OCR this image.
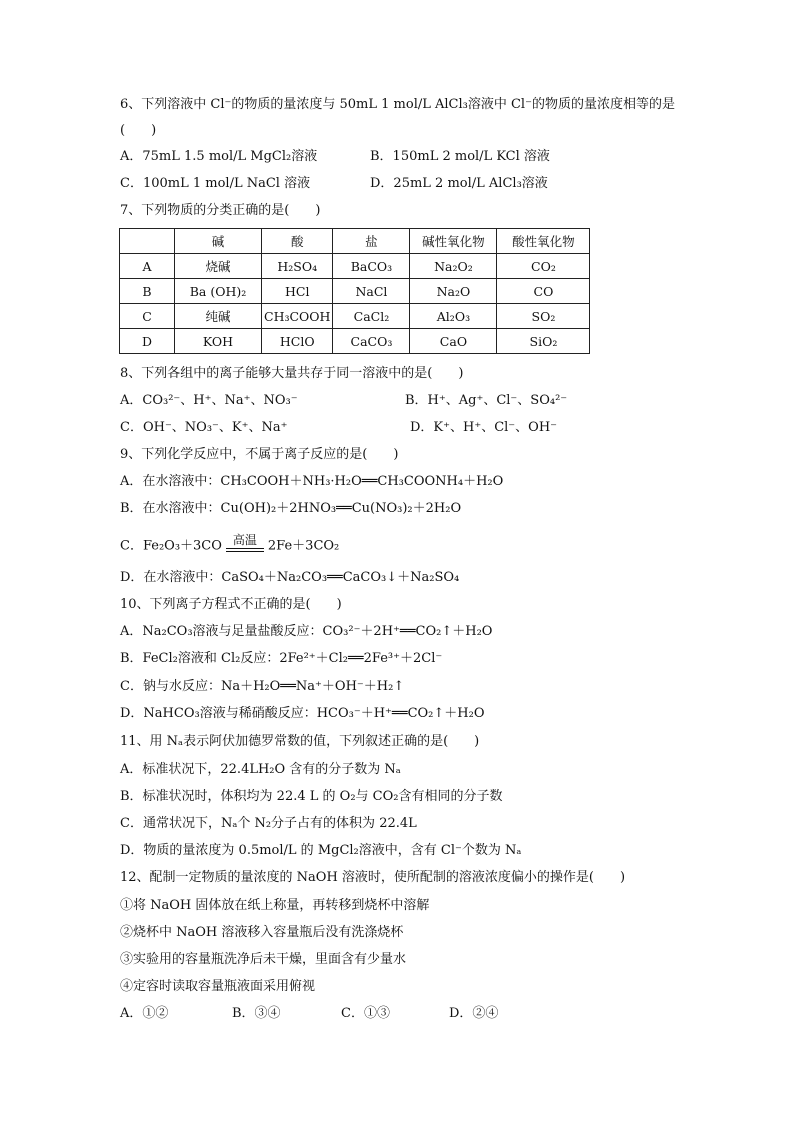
6、下列溶液中 Cl⁻的物质的量浓度与 50mL 1 mol/L AlCl₃溶液中 Cl⁻的物质的量浓度相等的是
(　　)
A．75mL 1.5 mol/L MgCl₂溶液	B．150mL 2 mol/L KCl 溶液
C．100mL 1 mol/L NaCl 溶液	D．25mL 2 mol/L AlCl₃溶液
7、下列物质的分类正确的是(　　)
	碱	酸	盐	碱性氧化物	酸性氧化物
A	烧碱	H₂SO₄	BaCO₃	Na₂O₂	CO₂
B	Ba (OH)₂	HCl	NaCl	Na₂O	CO
C	纯碱	CH₃COOH	CaCl₂	Al₂O₃	SO₂
D	KOH	HClO	CaCO₃	CaO	SiO₂
8、下列各组中的离子能够大量共存于同一溶液中的是(　　)
A．CO₃²⁻、H⁺、Na⁺、NO₃⁻	B．H⁺、Ag⁺、Cl⁻、SO₄²⁻
C．OH⁻、NO₃⁻、K⁺、Na⁺	D．K⁺、H⁺、Cl⁻、OH⁻
9、下列化学反应中，不属于离子反应的是(　　)
A．在水溶液中：CH₃COOH＋NH₃·H₂O══CH₃COONH₄＋H₂O
B．在水溶液中：Cu(OH)₂＋2HNO₃══Cu(NO₃)₂＋2H₂O
C．Fe₂O₃＋3CO 高温 2Fe＋3CO₂
D．在水溶液中：CaSO₄＋Na₂CO₃══CaCO₃↓＋Na₂SO₄
10、下列离子方程式不正确的是(　　)
A．Na₂CO₃溶液与足量盐酸反应：CO₃²⁻＋2H⁺══CO₂↑＋H₂O
B．FeCl₂溶液和 Cl₂反应：2Fe²⁺＋Cl₂══2Fe³⁺＋2Cl⁻
C．钠与水反应：Na＋H₂O══Na⁺＋OH⁻＋H₂↑
D．NaHCO₃溶液与稀硝酸反应：HCO₃⁻＋H⁺══CO₂↑＋H₂O
11、用 Nₐ表示阿伏加德罗常数的值，下列叙述正确的是(　　)
A．标准状况下，22.4LH₂O 含有的分子数为 Nₐ
B．标准状况时，体积均为 22.4 L 的 O₂与 CO₂含有相同的分子数
C．通常状况下，Nₐ个 N₂分子占有的体积为 22.4L
D．物质的量浓度为 0.5mol/L 的 MgCl₂溶液中，含有 Cl⁻个数为 Nₐ
12、配制一定物质的量浓度的 NaOH 溶液时，使所配制的溶液浓度偏小的操作是(　　)
①将 NaOH 固体放在纸上称量，再转移到烧杯中溶解
②烧杯中 NaOH 溶液移入容量瓶后没有洗涤烧杯
③实验用的容量瓶洗净后未干燥，里面含有少量水
④定容时读取容量瓶液面采用俯视
A．①②	B．③④	C．①③	D．②④
